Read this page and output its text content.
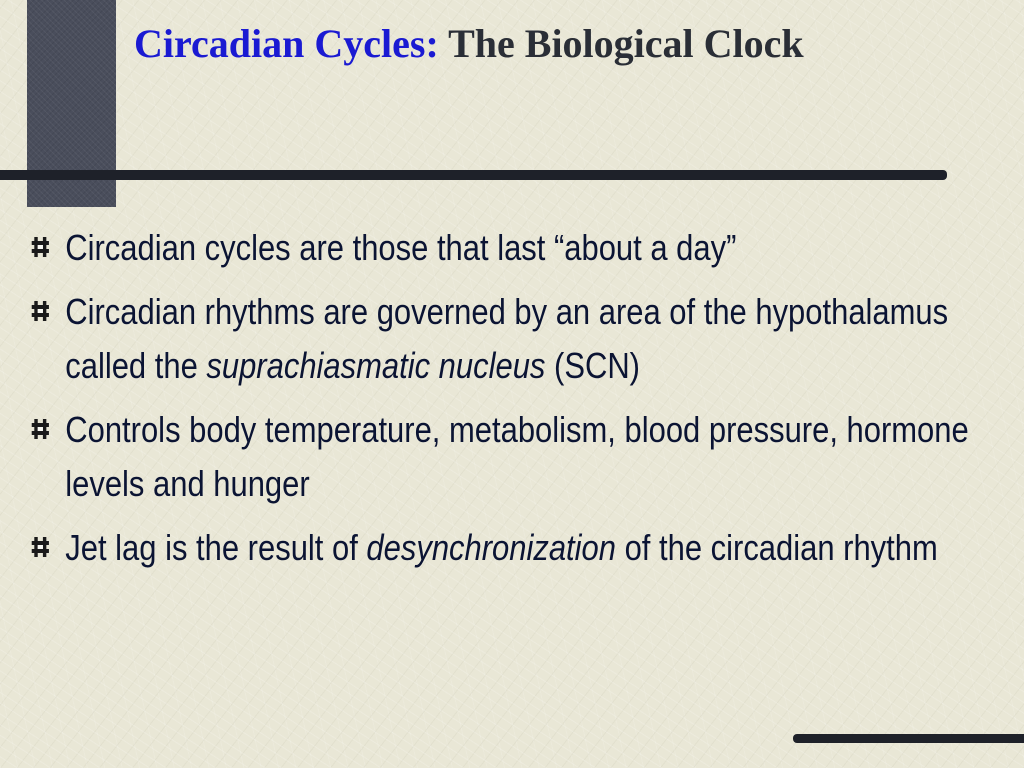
Circadian Cycles: The Biological Clock
Circadian cycles are those that last “about a day”
Circadian rhythms are governed by an area of the hypothalamus called the suprachiasmatic nucleus (SCN)
Controls body temperature, metabolism, blood pressure, hormone levels and hunger
Jet lag is the result of desynchronization of the circadian rhythm
